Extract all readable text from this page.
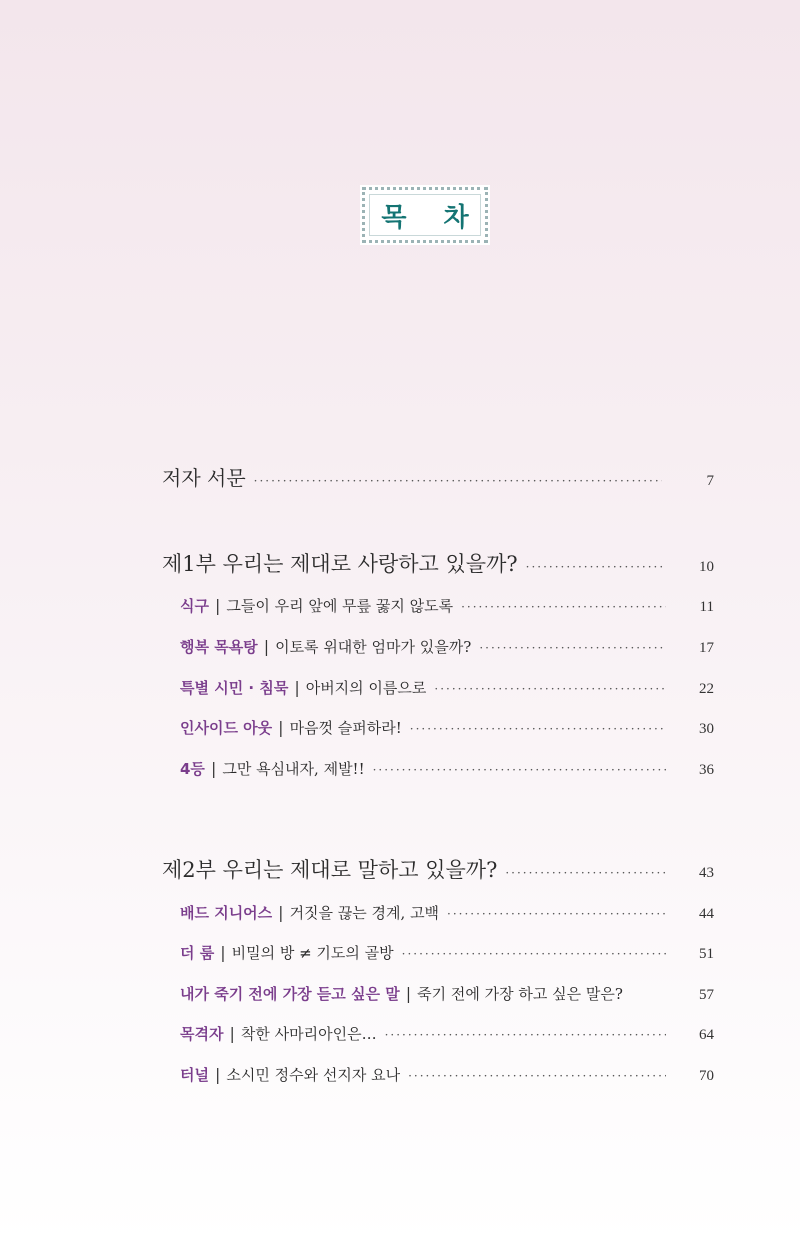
목 차
저자 서문 ·····	7
제1부 우리는 제대로 사랑하고 있을까? ·····	10
식구 | 그들이 우리 앞에 무릎 꿇지 않도록 ·····	11
행복 목욕탕 | 이토록 위대한 엄마가 있을까? ·····	17
특별 시민 · 침묵 | 아버지의 이름으로 ·····	22
인사이드 아웃 | 마음껏 슬퍼하라! ·····	30
4등 | 그만 욕심내자, 제발!! ·····	36
제2부 우리는 제대로 말하고 있을까? ·····	43
배드 지니어스 | 거짓을 끊는 경계, 고백 ·····	44
더 룸 | 비밀의 방 ≠ 기도의 골방 ·····	51
내가 죽기 전에 가장 듣고 싶은 말 | 죽기 전에 가장 하고 싶은 말은?	57
목격자 | 착한 사마리아인은… ·····	64
터널 | 소시민 정수와 선지자 요나 ·····	70
